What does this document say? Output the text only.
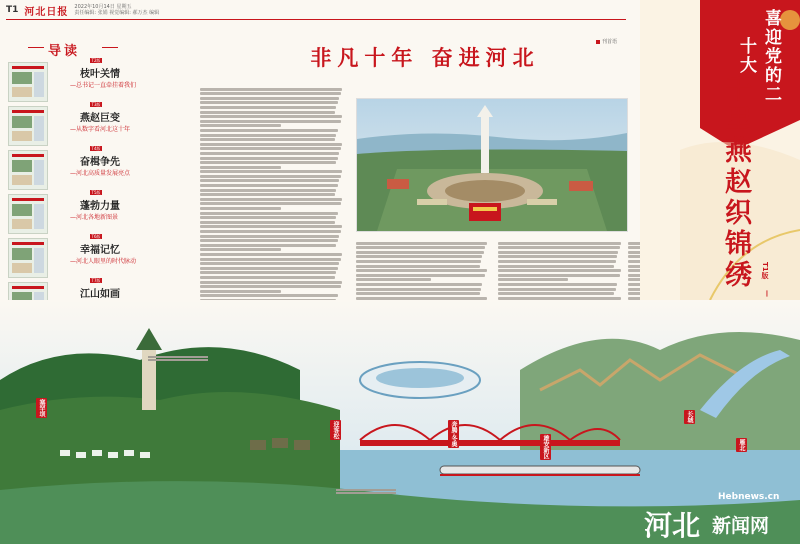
T1 河北日报 2022年10月14日 星期五
责任编辑: 张娟 视觉编辑: 郝万杰 编辑
导读
T2版
枝叶关情
—总书记一直牵挂着我们
T3版
燕赵巨变
—从数字看河北这十年
T4版
奋楫争先
—河北高质量发展亮点
T5版
蓬勃力量
—河北各地新图景
T6版
幸福记忆
—河北人眼里的时代脉动
T7版
江山如画
非凡十年 奋进河北
刊首语	喜迎党的二十大
千里燕赵织锦绣	T1版
—
迎客松	奔腾·冬奥	雄安新区
长城
雁北
塞罕坝
Hebnews.cn
河北 新闻网
